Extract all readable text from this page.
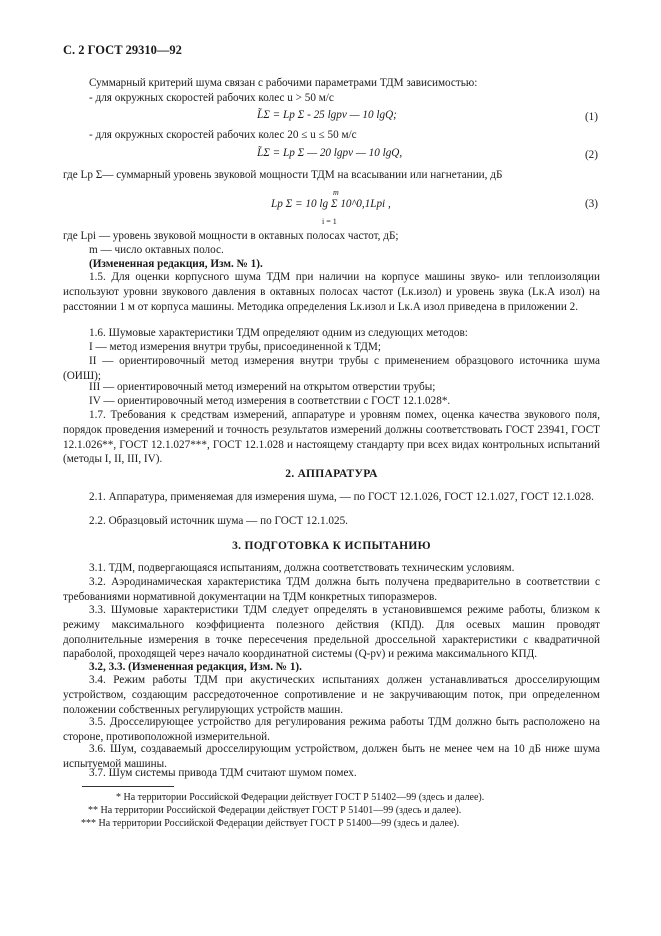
С. 2 ГОСТ 29310—92
Суммарный критерий шума связан с рабочими параметрами ТДМ зависимостью:
- для окружных скоростей рабочих колес u > 50 м/с
L̃Σ = Lp Σ - 25 lgpv — 10 lgQ;	(1)
- для окружных скоростей рабочих колес 20 ≤ u ≤ 50 м/с
L̃Σ = Lp Σ — 20 lgpv — 10 lgQ,	(2)
где Lp Σ— суммарный уровень звуковой мощности ТДМ на всасывании или нагнетании, дБ
m
Lp Σ = 10 lg Σ 10^0,1Lpi ,
i = 1
(3)
где Lpi — уровень звуковой мощности в октавных полосах частот, дБ;
m — число октавных полос.
(Измененная редакция, Изм. № 1).
1.5. Для оценки корпусного шума ТДМ при наличии на корпусе машины звуко- или теплоизоляции используют уровни звукового давления в октавных полосах частот (Lк.изол) и уровень звука (Lк.А изол) на расстоянии 1 м от корпуса машины. Методика определения Lк.изол и Lк.А изол приведена в приложении 2.
1.6. Шумовые характеристики ТДМ определяют одним из следующих методов:
I — метод измерения внутри трубы, присоединенной к ТДМ;
II — ориентировочный метод измерения внутри трубы с применением образцового источника шума (ОИШ);
III — ориентировочный метод измерений на открытом отверстии трубы;
IV — ориентировочный метод измерения в соответствии с ГОСТ 12.1.028*.
1.7. Требования к средствам измерений, аппаратуре и уровням помех, оценка качества звукового поля, порядок проведения измерений и точность результатов измерений должны соответствовать ГОСТ 23941, ГОСТ 12.1.026**, ГОСТ 12.1.027***, ГОСТ 12.1.028 и настоящему стандарту при всех видах контрольных испытаний (методы I, II, III, IV).
2. АППАРАТУРА
2.1. Аппаратура, применяемая для измерения шума, — по ГОСТ 12.1.026, ГОСТ 12.1.027, ГОСТ 12.1.028.
2.2. Образцовый источник шума — по ГОСТ 12.1.025.
3. ПОДГОТОВКА К ИСПЫТАНИЮ
3.1. ТДМ, подвергающаяся испытаниям, должна соответствовать техническим условиям.
3.2. Аэродинамическая характеристика ТДМ должна быть получена предварительно в соответствии с требованиями нормативной документации на ТДМ конкретных типоразмеров.
3.3. Шумовые характеристики ТДМ следует определять в установившемся режиме работы, близком к режиму максимального коэффициента полезного действия (КПД). Для осевых машин проводят дополнительные измерения в точке пересечения предельной дроссельной характеристики с квадратичной параболой, проходящей через начало координатной системы (Q-pv) и режима максимального КПД.
3.2, 3.3. (Измененная редакция, Изм. № 1).
3.4. Режим работы ТДМ при акустических испытаниях должен устанавливаться дросселирующим устройством, создающим рассредоточенное сопротивление и не закручивающим поток, при определенном положении собственных регулирующих устройств машин.
3.5. Дросселирующее устройство для регулирования режима работы ТДМ должно быть расположено на стороне, противоположной измерительной.
3.6. Шум, создаваемый дросселирующим устройством, должен быть не менее чем на 10 дБ ниже шума испытуемой машины.
3.7. Шум системы привода ТДМ считают шумом помех.
* На территории Российской Федерации действует ГОСТ Р 51402—99 (здесь и далее).
** На территории Российской Федерации действует ГОСТ Р 51401—99 (здесь и далее).
*** На территории Российской Федерации действует ГОСТ Р 51400—99 (здесь и далее).
